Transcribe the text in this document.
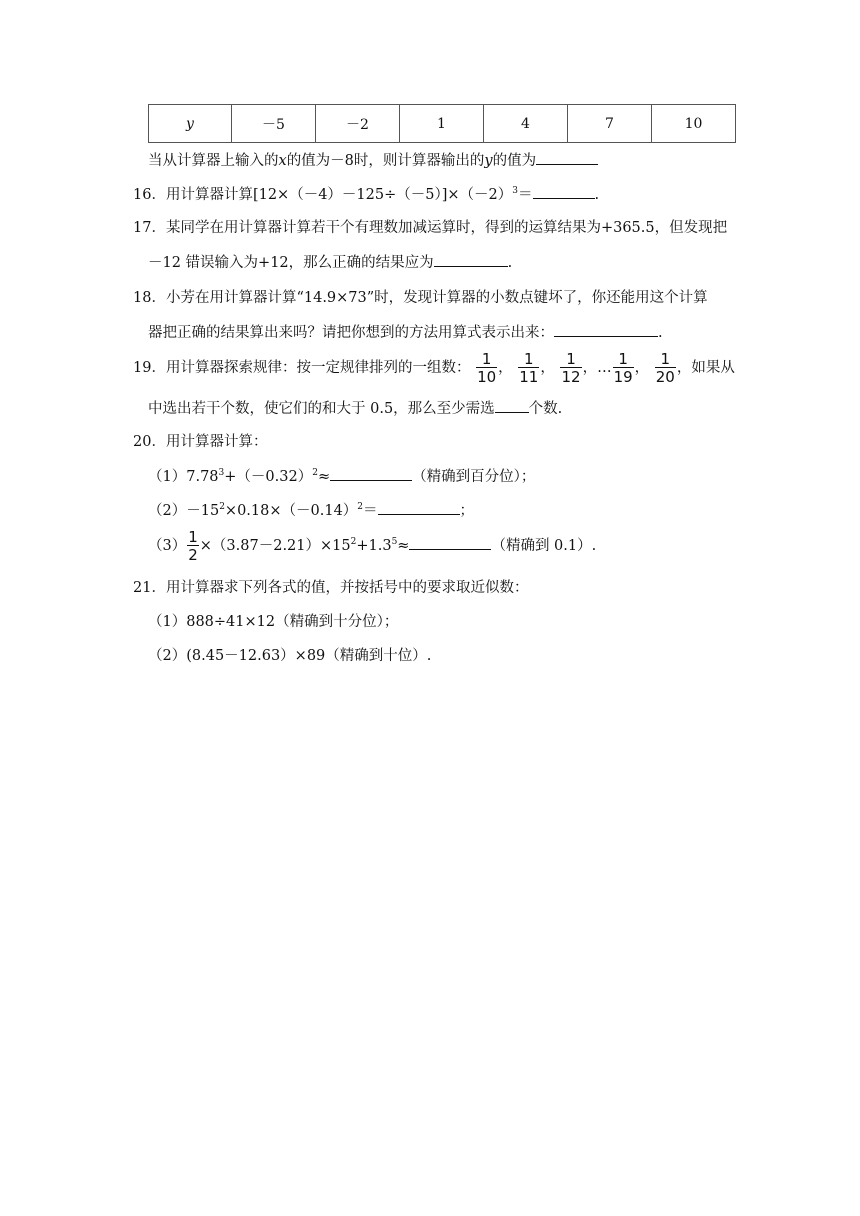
y	－5	－2	1	4	7	10
当从计算器上输入的x的值为－8时，则计算器输出的y的值为
16．用计算器计算$[12\times(-4)-125\div(-5)]\times(-2)^3=$	.
17．某同学在用计算器计算若干个有理数加减运算时，得到的运算结果为+365.5，但发现把
－12 错误输入为+12，那么正确的结果应为	.
18．小芳在用计算器计算“14.9×73”时，发现计算器的小数点键坏了，你还能用这个计算
器把正确的结果算出来吗？请把你想到的方法用算式表示出来：	.
19．用计算器探索规律：按一定规律排列的一组数： $\frac{1}{10}$ ， $\frac{1}{11}$ ， $\frac{1}{12}$ ，… $\frac{1}{19}$ ， $\frac{1}{20}$ ，如果从
中选出若干个数，使它们的和大于 0.5，那么至少需选 个数.
20．用计算器计算：
$(1)7.78^3+(-0.32)^2\approx$	（精确到百分位）；
$(2)-15^2\times 0.18\times(-0.14)^2=$	；
$(3) \frac{1}{2} \times(3.87-2.21)\times 15^2+1.3^5\approx$	（精确到 0.1）.
21．用计算器求下列各式的值，并按括号中的要求取近似数：
（1）888÷41×12（精确到十分位）；
（2）(8.45－12.63）×89（精确到十位）.
